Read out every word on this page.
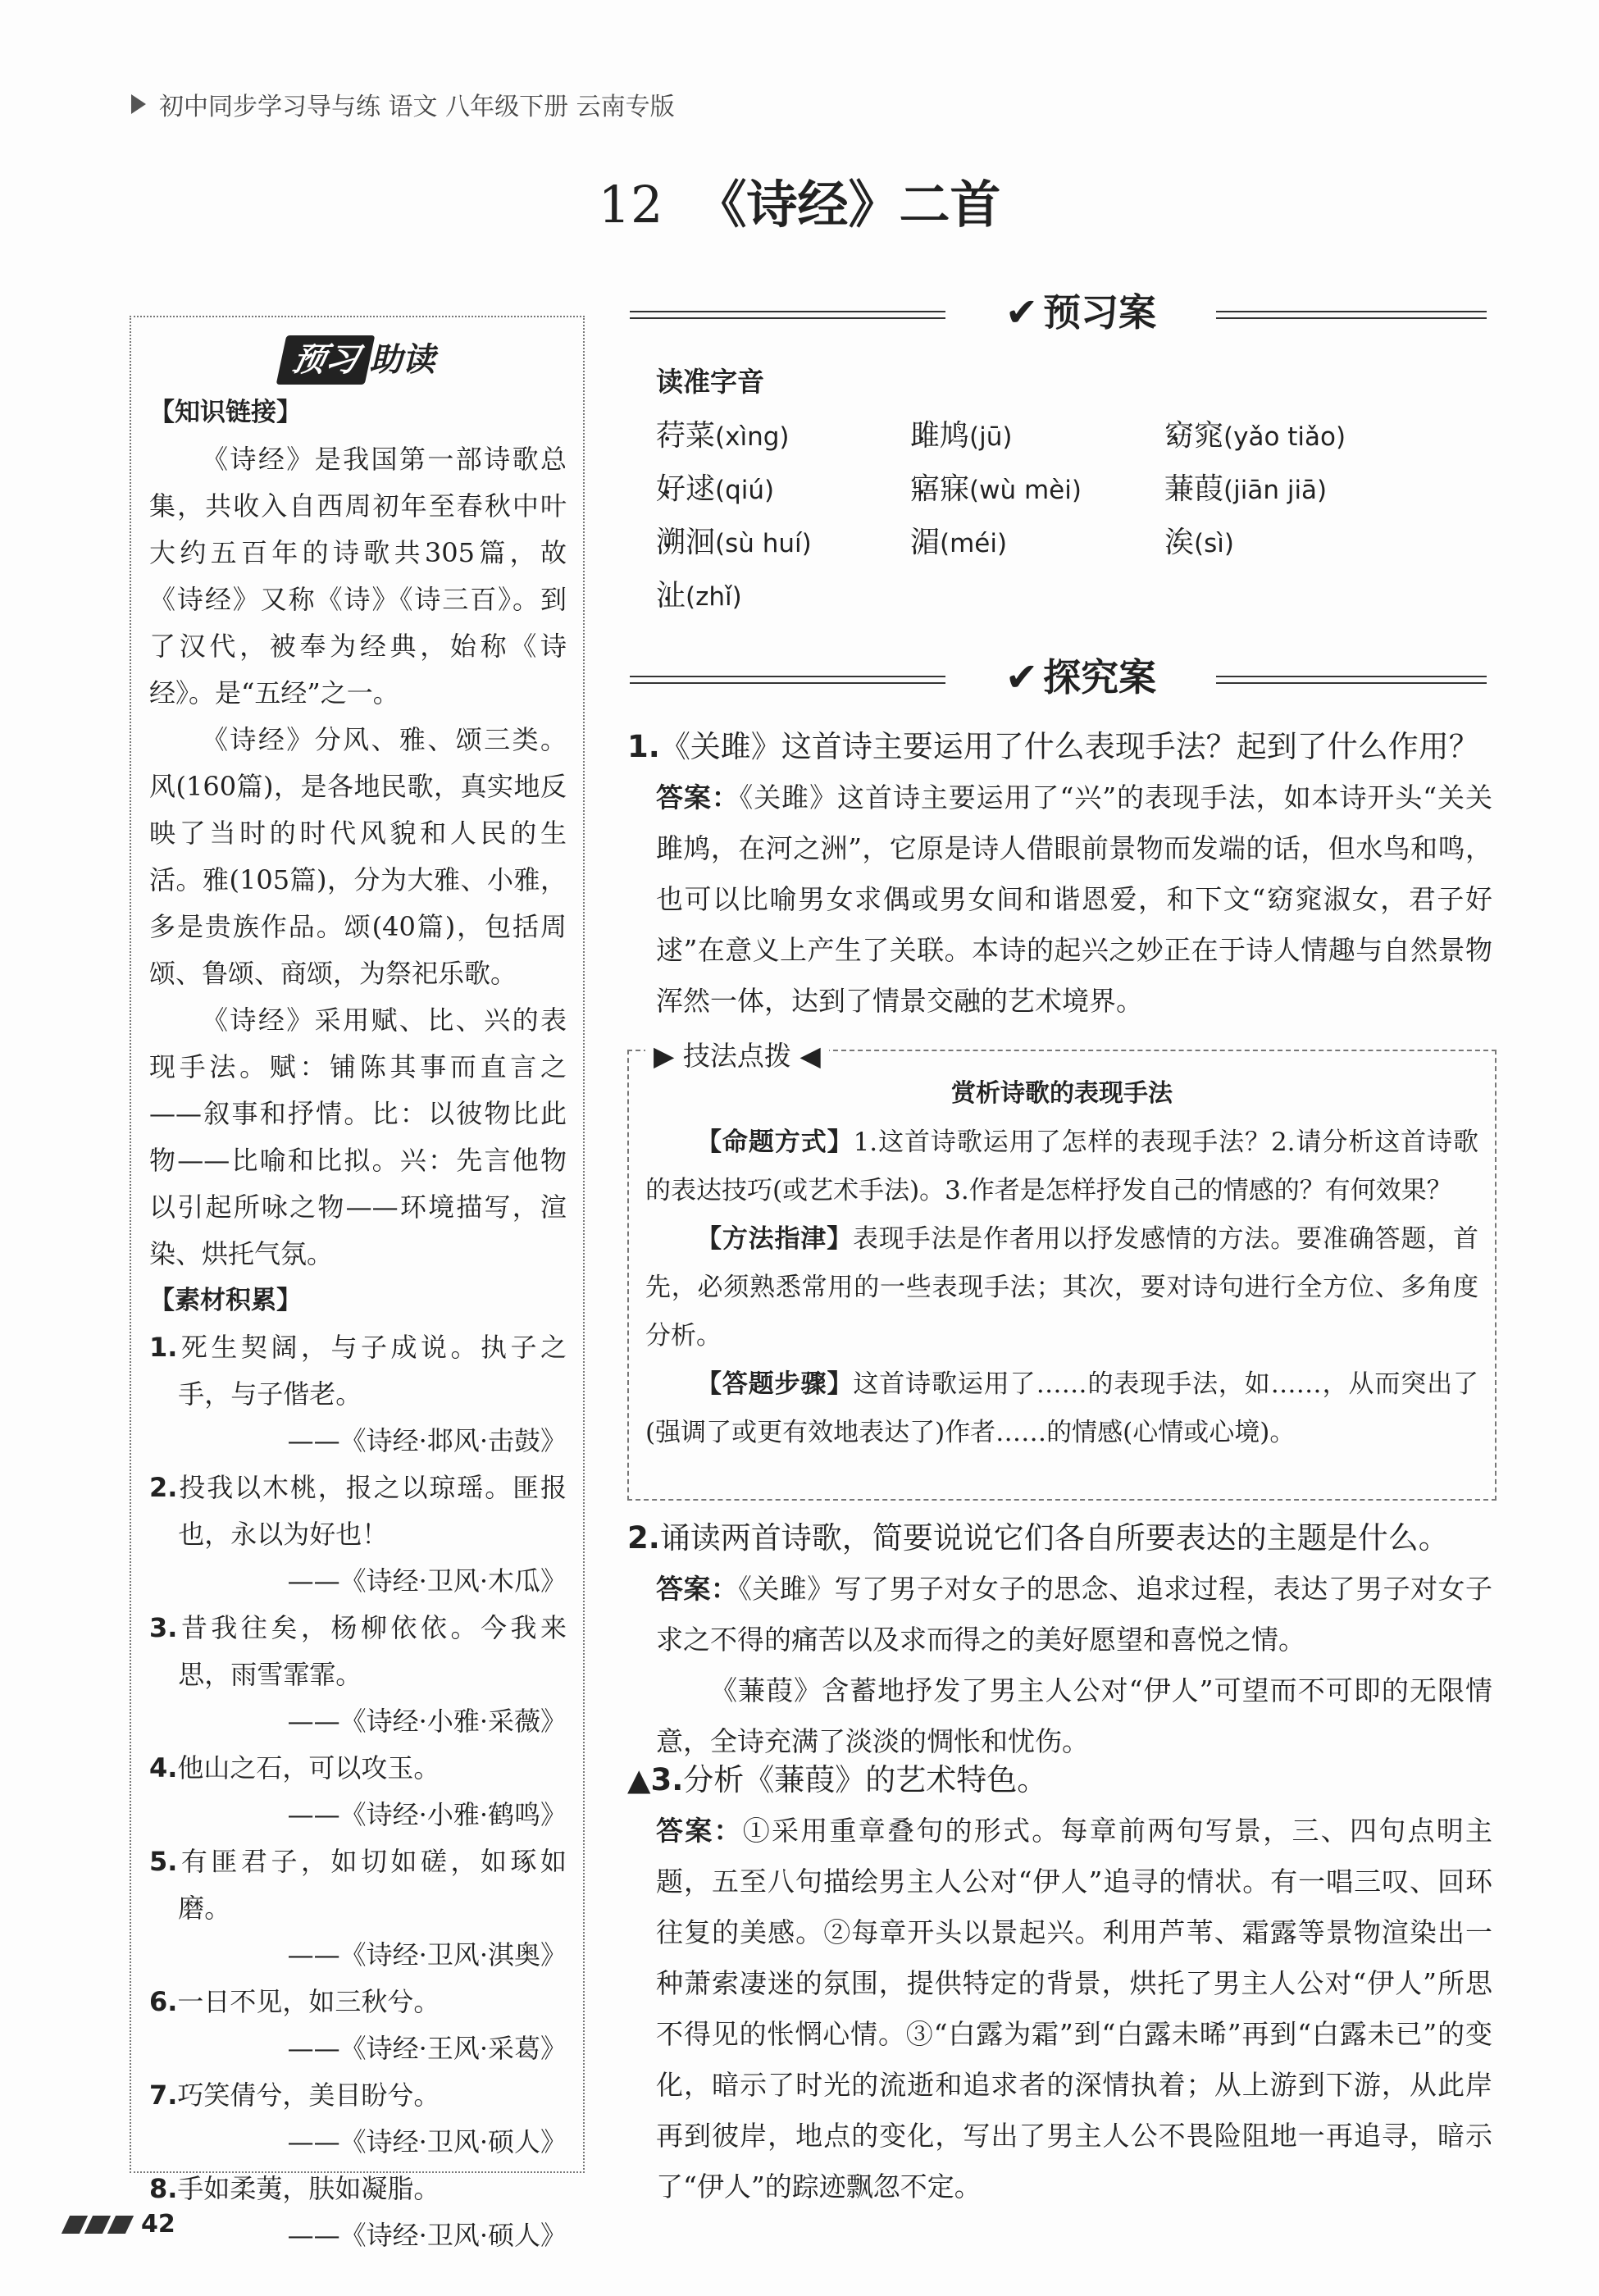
初中同步学习导与练 语文 八年级下册 云南专版
12 《诗经》二首
预习 助读
【知识链接】

《诗经》是我国第一部诗歌总集，共收入自西周初年至春秋中叶大约五百年的诗歌共305篇，故《诗经》又称《诗》《诗三百》。到了汉代，被奉为经典，始称《诗经》。是“五经”之一。

《诗经》分风、雅、颂三类。风(160篇)，是各地民歌，真实地反映了当时的时代风貌和人民的生活。雅(105篇)，分为大雅、小雅，多是贵族作品。颂(40篇)，包括周颂、鲁颂、商颂，为祭祀乐歌。

《诗经》采用赋、比、兴的表现手法。赋：铺陈其事而直言之——叙事和抒情。比：以彼物比此物——比喻和比拟。兴：先言他物以引起所咏之物——环境描写，渲染、烘托气氛。

【素材积累】

1.死生契阔，与子成说。执子之手，与子偕老。

——《诗经·邶风·击鼓》

2.投我以木桃，报之以琼瑶。匪报也，永以为好也！

——《诗经·卫风·木瓜》

3.昔我往矣，杨柳依依。今我来思，雨雪霏霏。

——《诗经·小雅·采薇》

4.他山之石，可以攻玉。

——《诗经·小雅·鹤鸣》

5.有匪君子，如切如磋，如琢如磨。

——《诗经·卫风·淇奥》

6.一日不见，如三秋兮。

——《诗经·王风·采葛》

7.巧笑倩兮，美目盼兮。

——《诗经·卫风·硕人》

8.手如柔荑，肤如凝脂。

——《诗经·卫风·硕人》

✔ 预习案
读准字音
荇菜 ·(xìng)	雎鸠 ·(jū)	窈窕 ·(yǎo tiǎo)
好逑 ·(qiú)	寤寐 ·(wù mèi)	蒹葭 ·(jiān jiā)
溯洄 ·(sù huí)	湄 ·(méi)	涘 ·(sì)
沚 ·(zhǐ)
✔ 探究案
1.《关雎》这首诗主要运用了什么表现手法？起到了什么作用？

答案：《关雎》这首诗主要运用了“兴”的表现手法，如本诗开头“关关雎鸠，在河之洲”，它原是诗人借眼前景物而发端的话，但水鸟和鸣，也可以比喻男女求偶或男女间和谐恩爱，和下文“窈窕淑女，君子好逑”在意义上产生了关联。本诗的起兴之妙正在于诗人情趣与自然景物浑然一体，达到了情景交融的艺术境界。

▶ 技法点拨 ◀
赏析诗歌的表现手法

【命题方式】1.这首诗歌运用了怎样的表现手法？2.请分析这首诗歌的表达技巧(或艺术手法)。3.作者是怎样抒发自己的情感的？有何效果？

【方法指津】表现手法是作者用以抒发感情的方法。要准确答题，首先，必须熟悉常用的一些表现手法；其次，要对诗句进行全方位、多角度分析。

【答题步骤】这首诗歌运用了……的表现手法，如……，从而突出了(强调了或更有效地表达了)作者……的情感(心情或心境)。

2.诵读两首诗歌，简要说说它们各自所要表达的主题是什么。

答案：《关雎》写了男子对女子的思念、追求过程，表达了男子对女子求之不得的痛苦以及求而得之的美好愿望和喜悦之情。

《蒹葭》含蓄地抒发了男主人公对“伊人”可望而不可即的无限情意，全诗充满了淡淡的惆怅和忧伤。

▲3.分析《蒹葭》的艺术特色。

答案：①采用重章叠句的形式。每章前两句写景，三、四句点明主题，五至八句描绘男主人公对“伊人”追寻的情状。有一唱三叹、回环往复的美感。②每章开头以景起兴。利用芦苇、霜露等景物渲染出一种萧索凄迷的氛围，提供特定的背景，烘托了男主人公对“伊人”所思不得见的怅惘心情。③“白露为霜”到“白露未晞”再到“白露未已”的变化，暗示了时光的流逝和追求者的深情执着；从上游到下游，从此岸再到彼岸，地点的变化，写出了男主人公不畏险阻地一再追寻，暗示了“伊人”的踪迹飘忽不定。

42
